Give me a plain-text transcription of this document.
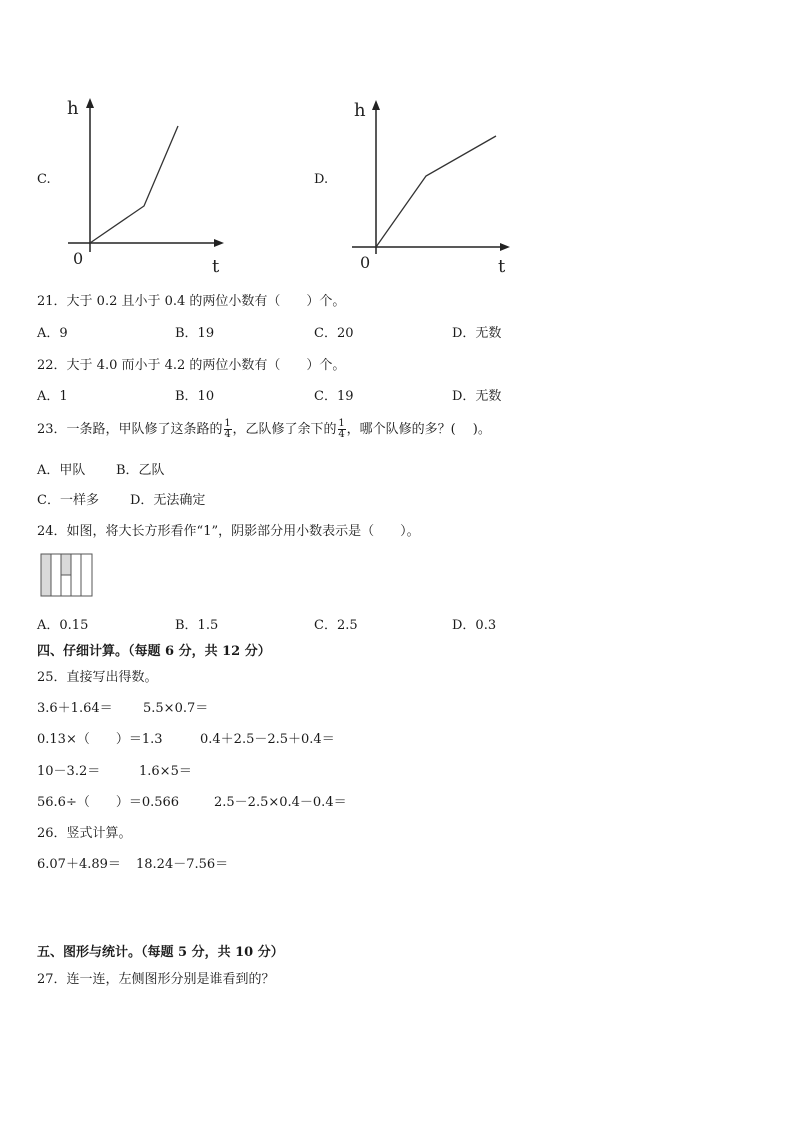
C.
h
0	t
D.
h
0	t
21．大于 0.2 且小于 0.4 的两位小数有（　　）个。
A．9	B．19	C．20	D．无数
22．大于 4.0 而小于 4.2 的两位小数有（　　）个。
A．1	B．10	C．19	D．无数
23．一条路，甲队修了这条路的 $\frac{1}{4}$ ，乙队修了余下的 $\frac{1}{4}$ ，哪个队修的多？(　 )。
A．甲队 B．乙队
C．一样多 D．无法确定
24．如图，将大长方形看作“1”，阴影部分用小数表示是（　　）。
A．0.15	B．1.5	C．2.5	D．0.3
四、仔细计算。（每题 6 分，共 12 分）
25．直接写出得数。
3.6＋1.64＝ 5.5×0.7＝
0.13×（　　）＝1.3	0.4＋2.5－2.5＋0.4＝
10－3.2＝	1.6×5＝
56.6÷（　　）＝0.566	2.5－2.5×0.4－0.4＝
26．竖式计算。
6.07＋4.89＝ 18.24－7.56＝
五、图形与统计。（每题 5 分，共 10 分）
27．连一连，左侧图形分别是谁看到的？
